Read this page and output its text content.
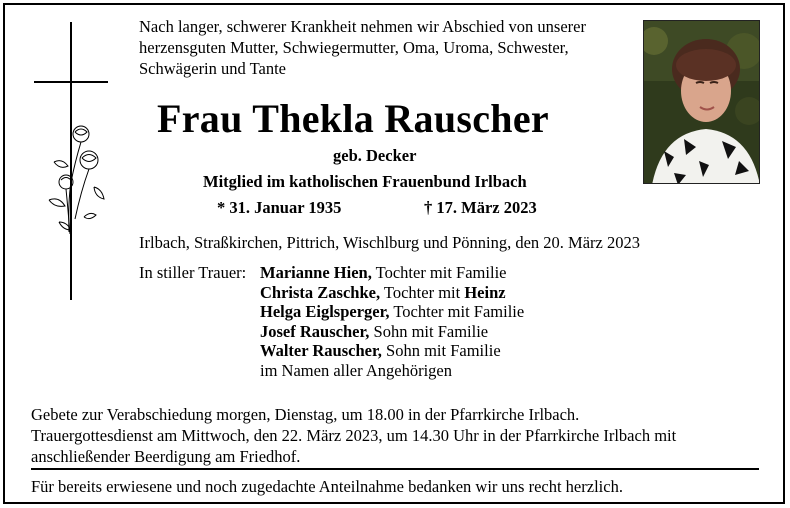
Nach langer, schwerer Krankheit nehmen wir Abschied von unserer
herzensguten Mutter, Schwiegermutter, Oma, Uroma, Schwester,
Schwägerin und Tante
Frau Thekla Rauscher
geb. Decker
Mitglied im katholischen Frauenbund Irlbach
* 31. Januar 1935	† 17. März 2023
Irlbach, Straßkirchen, Pittrich, Wischlburg und Pönning, den 20. März 2023
In stiller Trauer: Marianne Hien, Tochter mit Familie
Christa Zaschke, Tochter mit Heinz
Helga Eiglsperger, Tochter mit Familie
Josef Rauscher, Sohn mit Familie
Walter Rauscher, Sohn mit Familie
im Namen aller Angehörigen
Gebete zur Verabschiedung morgen, Dienstag, um 18.00 in der Pfarrkirche Irlbach.
Trauergottesdienst am Mittwoch, den 22. März 2023, um 14.30 Uhr in der Pfarrkirche Irlbach mit
anschließender Beerdigung am Friedhof.
Für bereits erwiesene und noch zugedachte Anteilnahme bedanken wir uns recht herzlich.
